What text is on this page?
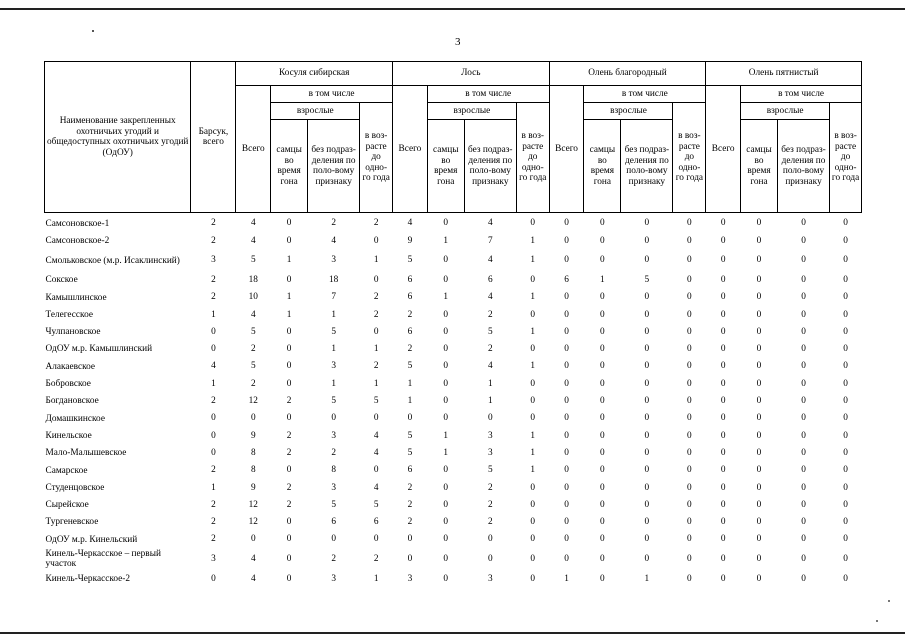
3
Наименование закрепленных охотничьих угодий и общедоступных охотничьих угодий (ОдОУ)	Барсук, всего	Косуля сибирская				Лось				Олень благородный				Олень пятнистый			
		Всего	в том числе			Всего	в том числе			Всего	в том числе			Всего	в том числе		
			взрослые		в воз-расте до одно-го года		взрослые		в воз-расте до одно-го года		взрослые		в воз-расте до одно-го года		взрослые		в воз-расте до одно-го года
			самцы во время гона	без подраз-деления по поло-вому признаку			самцы во время гона	без подраз-деления по поло-вому признаку			самцы во время гона	без подраз-деления по поло-вому признаку			самцы во время гона	без подраз-деления по поло-вому признаку	
Самсоновское-1	2	4	0	2	2	4	0	4	0	0	0	0	0	0	0	0	0
Самсоновское-2	2	4	0	4	0	9	1	7	1	0	0	0	0	0	0	0	0
Смольковское (м.р. Исаклинский)	3	5	1	3	1	5	0	4	1	0	0	0	0	0	0	0	0
Сокское	2	18	0	18	0	6	0	6	0	6	1	5	0	0	0	0	0
Камышлинское	2	10	1	7	2	6	1	4	1	0	0	0	0	0	0	0	0
Телегесское	1	4	1	1	2	2	0	2	0	0	0	0	0	0	0	0	0
Чулпановское	0	5	0	5	0	6	0	5	1	0	0	0	0	0	0	0	0
ОдОУ м.р. Камышлинский	0	2	0	1	1	2	0	2	0	0	0	0	0	0	0	0	0
Алакаевское	4	5	0	3	2	5	0	4	1	0	0	0	0	0	0	0	0
Бобровское	1	2	0	1	1	1	0	1	0	0	0	0	0	0	0	0	0
Богдановское	2	12	2	5	5	1	0	1	0	0	0	0	0	0	0	0	0
Домашкинское	0	0	0	0	0	0	0	0	0	0	0	0	0	0	0	0	0
Кинельское	0	9	2	3	4	5	1	3	1	0	0	0	0	0	0	0	0
Мало-Малышевское	0	8	2	2	4	5	1	3	1	0	0	0	0	0	0	0	0
Самарское	2	8	0	8	0	6	0	5	1	0	0	0	0	0	0	0	0
Студенцовское	1	9	2	3	4	2	0	2	0	0	0	0	0	0	0	0	0
Сырейское	2	12	2	5	5	2	0	2	0	0	0	0	0	0	0	0	0
Тургеневское	2	12	0	6	6	2	0	2	0	0	0	0	0	0	0	0	0
ОдОУ м.р. Кинельский	2	0	0	0	0	0	0	0	0	0	0	0	0	0	0	0	0
Кинель-Черкасское – первый участок	3	4	0	2	2	0	0	0	0	0	0	0	0	0	0	0	0
Кинель-Черкасское-2	0	4	0	3	1	3	0	3	0	1	0	1	0	0	0	0	0
